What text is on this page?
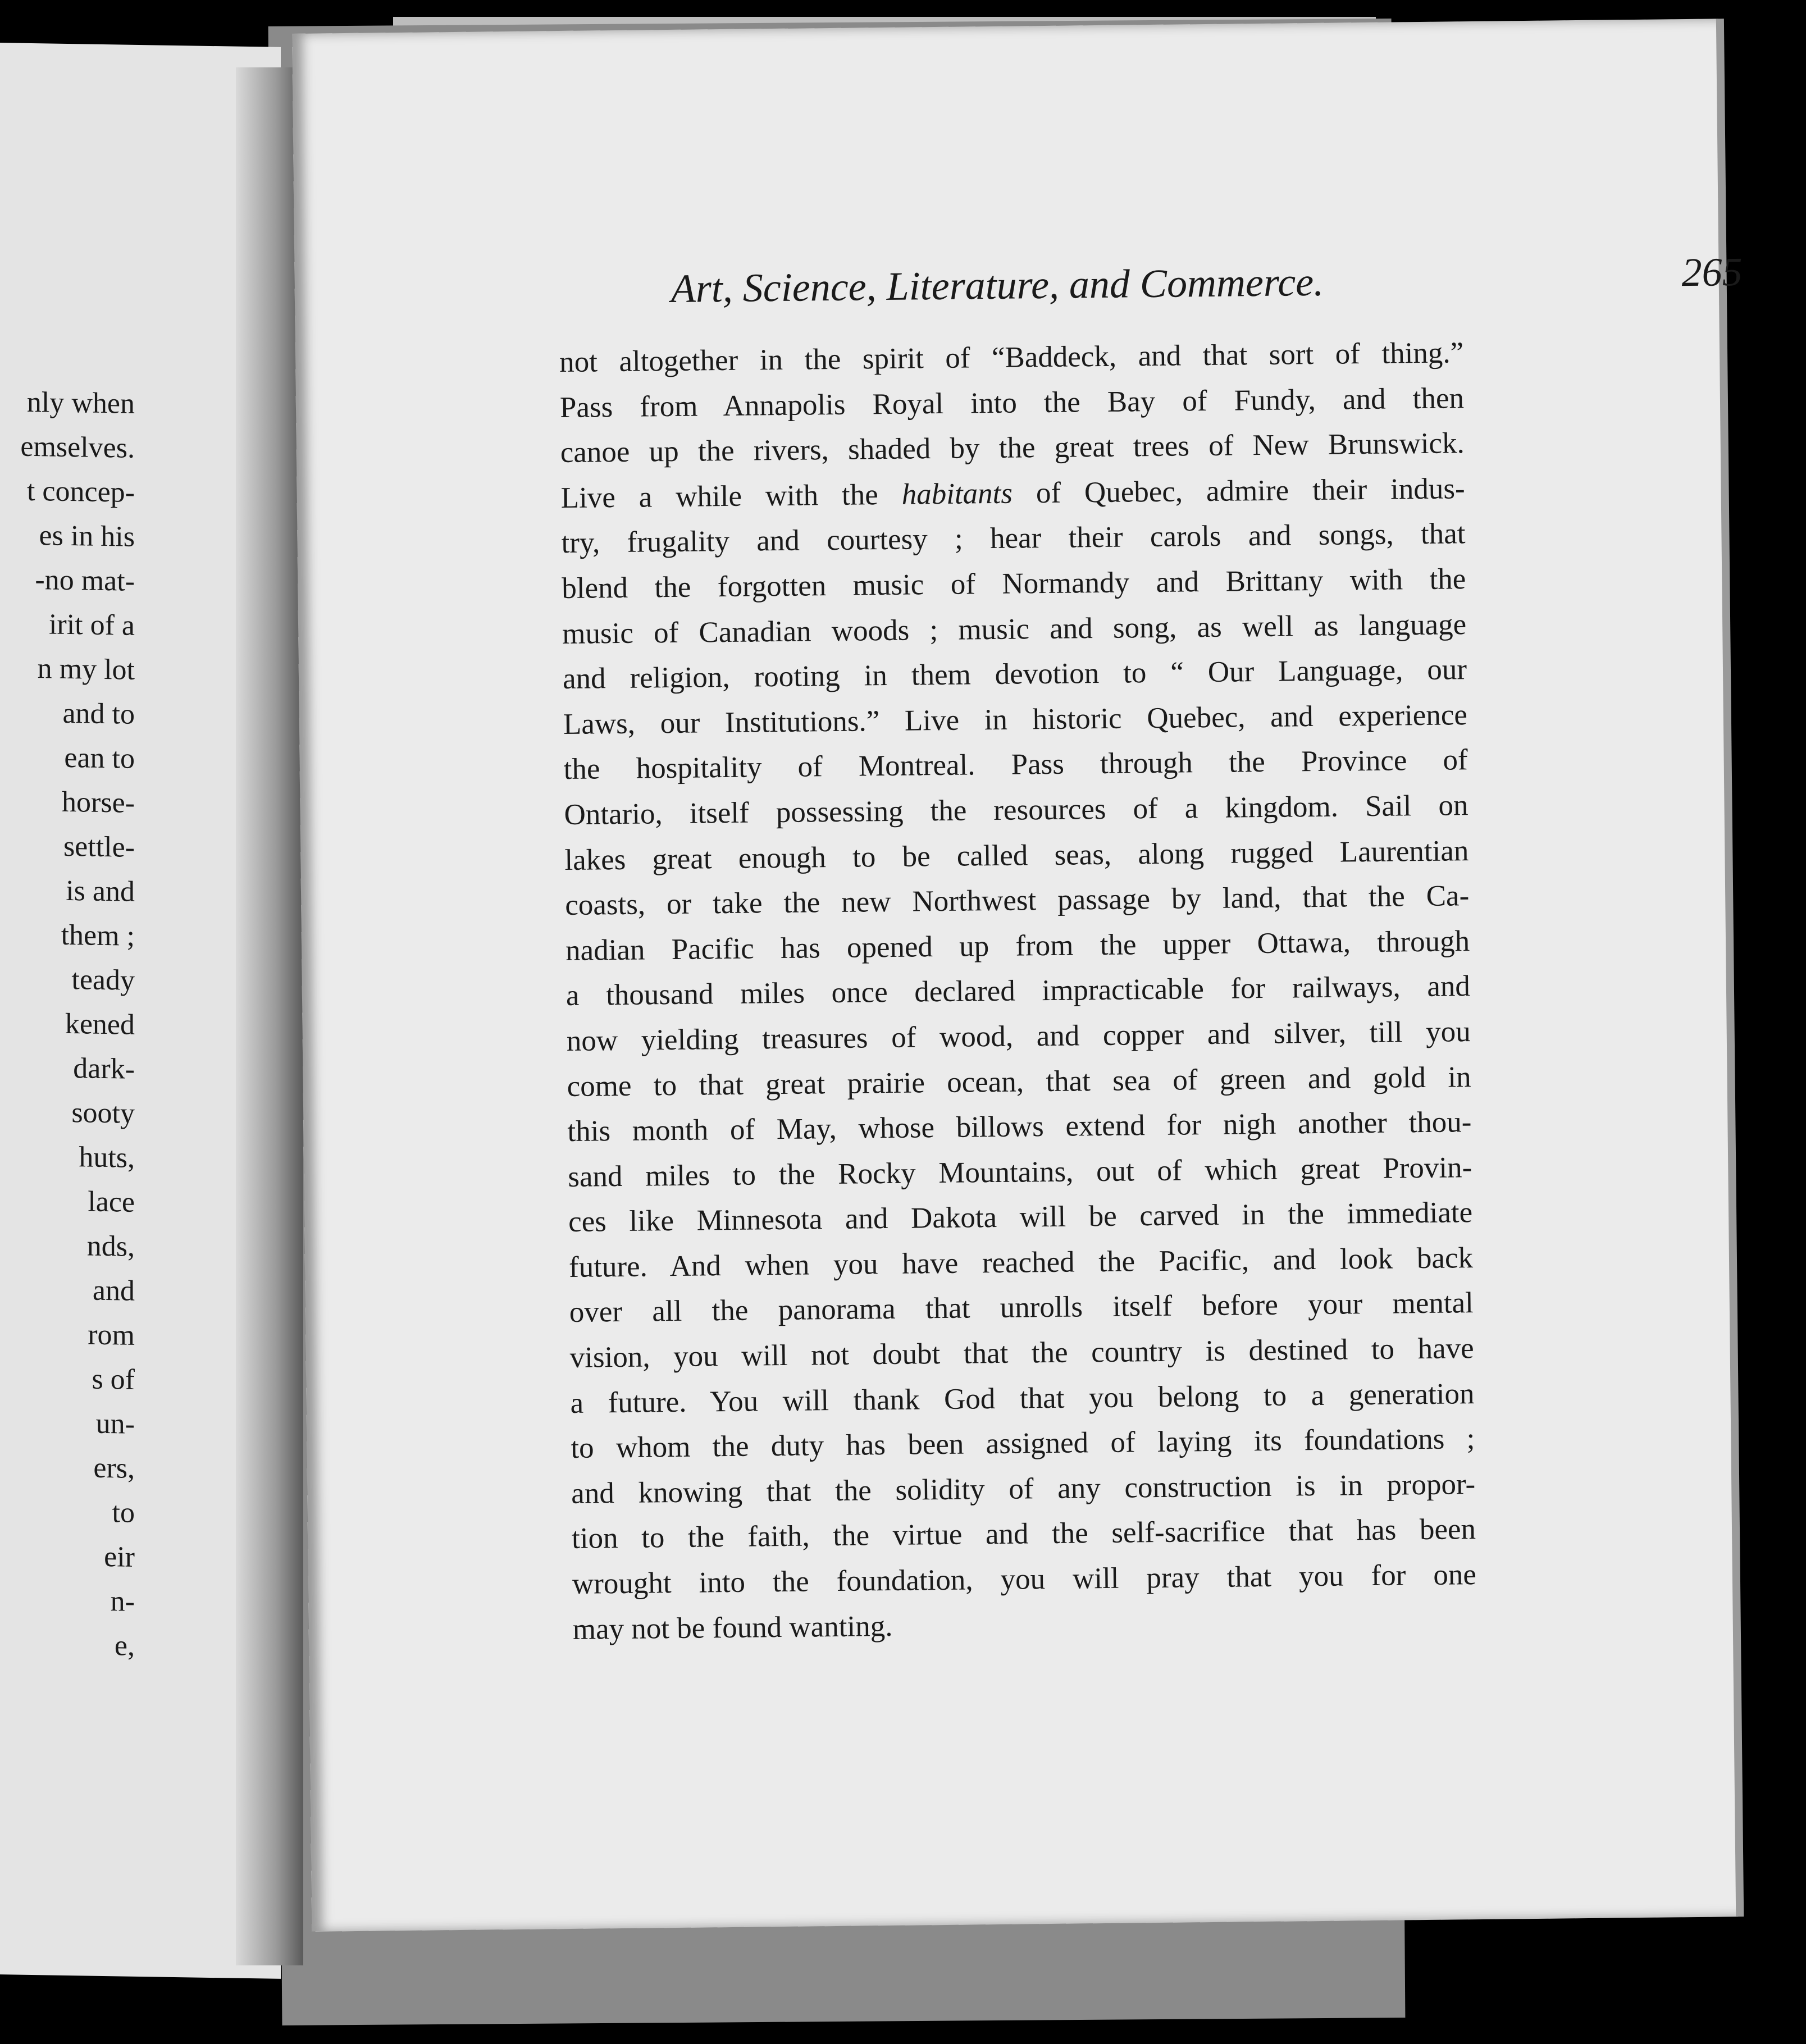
nly when
emselves.
t concep-
es in his
-no mat-
irit of a
n my lot
and to
ean to
horse-
settle-
is and
them ;
teady
kened
dark-
sooty
huts,
lace
nds,
and
rom
s of
un-
ers,
to
eir
n-
e,
Art, Science, Literature, and Commerce.	265
not altogether in the spirit of “Baddeck, and that sort of thing.”
Pass from Annapolis Royal into the Bay of Fundy, and then
canoe up the rivers, shaded by the great trees of New Brunswick.
Live a while with the habitants of Quebec, admire their indus-
try, frugality and courtesy ; hear their carols and songs, that
blend the forgotten music of Normandy and Brittany with the
music of Canadian woods ; music and song, as well as language
and religion, rooting in them devotion to “ Our Language, our
Laws, our Institutions.” Live in historic Quebec, and experience
the hospitality of Montreal. Pass through the Province of
Ontario, itself possessing the resources of a kingdom. Sail on
lakes great enough to be called seas, along rugged Laurentian
coasts, or take the new Northwest passage by land, that the Ca-
nadian Pacific has opened up from the upper Ottawa, through
a thousand miles once declared impracticable for railways, and
now yielding treasures of wood, and copper and silver, till you
come to that great prairie ocean, that sea of green and gold in
this month of May, whose billows extend for nigh another thou-
sand miles to the Rocky Mountains, out of which great Provin-
ces like Minnesota and Dakota will be carved in the immediate
future. And when you have reached the Pacific, and look back
over all the panorama that unrolls itself before your mental
vision, you will not doubt that the country is destined to have
a future. You will thank God that you belong to a generation
to whom the duty has been assigned of laying its foundations ;
and knowing that the solidity of any construction is in propor-
tion to the faith, the virtue and the self-sacrifice that has been
wrought into the foundation, you will pray that you for one
may not be found wanting.
